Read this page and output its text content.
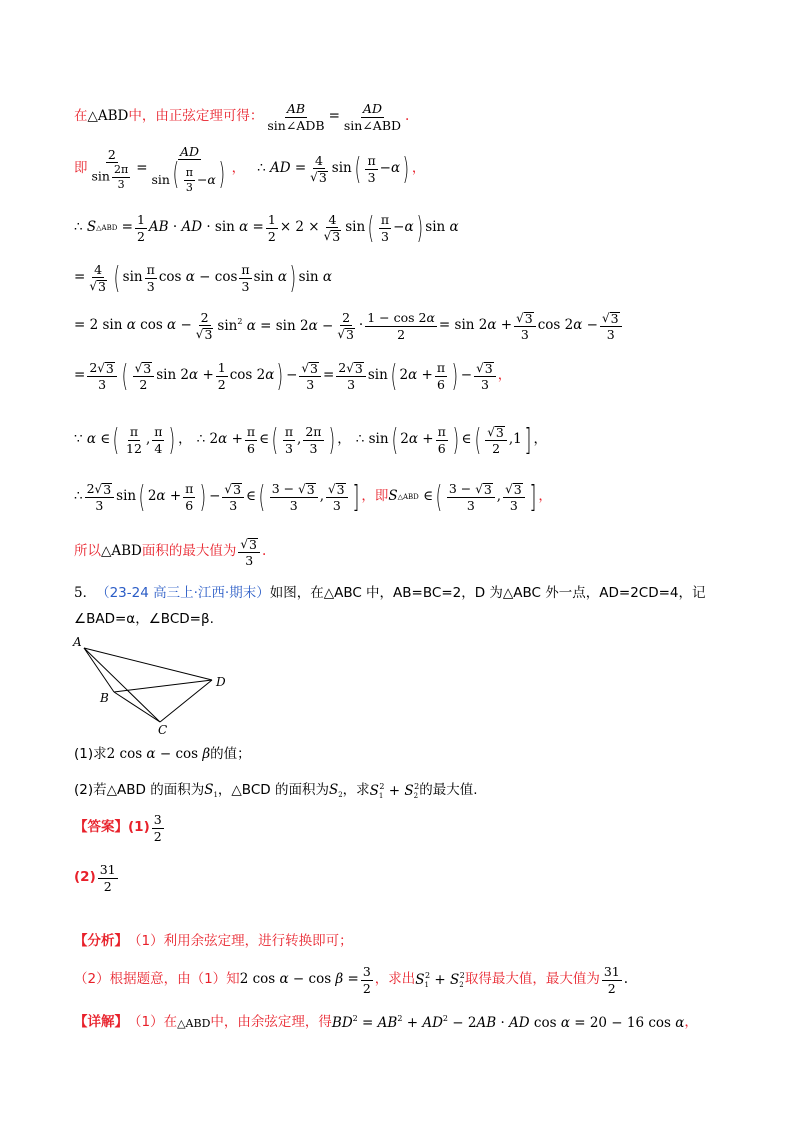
在 △ABD 中，由正弦定理可得： $\frac{AB}{\text{sin∠ADB}} = \frac{AD}{\text{sin∠ABD}}$ .
即 $\frac{2}{\sin \frac{2\pi}{3}} = \frac{AD}{\sin( \frac{\pi}{3} -\alpha)}$ ， ∴ AD = $\frac{4}{√ 3}$ sin ( $\frac{\pi}{3} -\alpha$ ) ，
∴ S △ABD = $\frac{1}{2}$ AB · AD · $\sin \alpha = \frac{1}{2} \times 2 \times \frac{4}{√ 3}$ sin ( $\frac{\pi}{3} -\alpha$ ) sin α
= $\frac{4}{√ 3}$ ( $\sin \frac{\pi}{3}$ $\cos \alpha - \cos \frac{\pi}{3}$ sin α ) sin α
= 2 sin α $\cos \alpha - \frac{2}{√ 3} \sin^2 \alpha = \sin 2\alpha - \frac{2}{√ 3} \cdot \frac{1 - \cos 2\alpha}{2} = \sin 2\alpha + \frac{√ 3}{3}$ $\cos 2\alpha - \frac{√ 3}{3}$
= $\frac{2 √ 3}{3}$ ( $\frac{√ 3}{2}$ $\sin 2\alpha + \frac{1}{2}$ cos 2α ) − $\frac{√ 3}{3} = \frac{2 √ 3}{3}$ sin ( $2\alpha + \frac{\pi}{6}$ ) − $\frac{√ 3}{3}$ ，
∵ α ∈ ( $\frac{\pi}{12}$ , $\frac{\pi}{4}$ ) ， ∴ $2\alpha + \frac{\pi}{6}$ ∈ ( $\frac{\pi}{3}$ , $\frac{2\pi}{3}$ ) ， ∴ sin ( $2\alpha + \frac{\pi}{6}$ ) ∈ ( $\frac{√ 3}{2} ,1$ ] ，
∴ $\frac{2 √ 3}{3}$ sin ( $2\alpha + \frac{\pi}{6}$ ) − $\frac{√ 3}{3}$ ∈ ( $\frac{3 - √ 3}{3}$ , $\frac{√ 3}{3}$ ] ， 即 S △ABD ∈ ( $\frac{3 - √ 3}{3}$ , $\frac{√ 3}{3}$ ] ，
所以 △ABD 面积的最大值为 $\frac{√ 3}{3}$ .
5． （23-24 高三上·江西·期末） 如图，在△ABC 中，AB=BC=2，D 为△ABC 外一点，AD=2CD=4，记
∠BAD=α，∠BCD=β.
A
B
C
D
(1)求 2 cos α − cos β 的值；
(2)若△ABD 的面积为 $S_1$ ，△BCD 的面积为 $S_2$ ，求 $S_1^2 + S_2^2$ 的最大值.
【答案】 $(1) \frac{3}{2}$
$(2) \frac{31}{2}$
【分析】 （1）利用余弦定理，进行转换即可；
（2）根据题意，由（1）知 2 $\cos \alpha - \cos \beta = \frac{3}{2}$ ，求出 $S_1^2 + S_2^2$ 取得最大值，最大值为 $\frac{31}{2}$ .
【详解】 （1）在 △ABD 中，由余弦定理，得 $BD^2 = AB^2 + AD^2 - 2AB$ · AD cos α = 20 − 16 cos α ，
